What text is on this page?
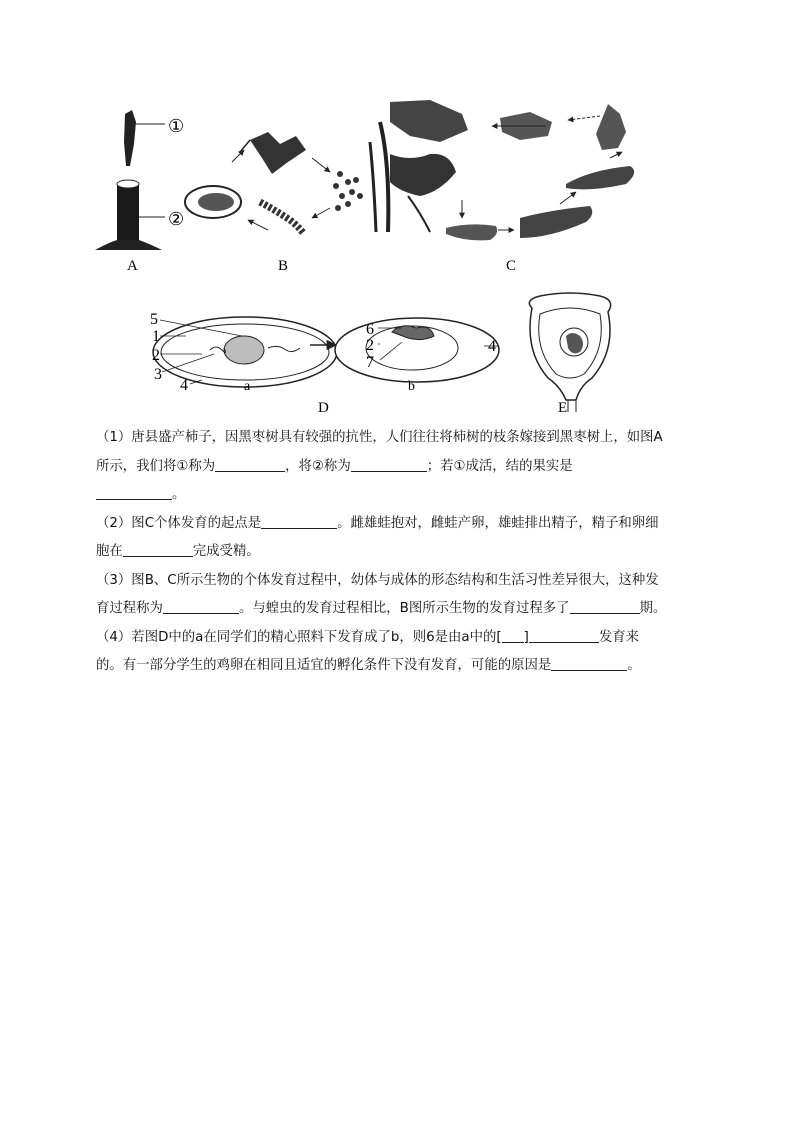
①
②
A	B	C
5
1
2
3
4	a
6
2
7
4
b
D	E

（1）唐县盛产柿子，因黑枣树具有较强的抗性，人们往往将柿树的枝条嫁接到黑枣树上，如图A
所示，我们将①称为	，将②称为	；若①成活，结的果实是
。

（2）图C个体发育的起点是	。雌雄蛙抱对，雌蛙产卵，雄蛙排出精子，精子和卵细
胞在	完成受精。

（3）图B、C所示生物的个体发育过程中，幼体与成体的形态结构和生活习性差异很大，这种发
育过程称为	。与蝗虫的发育过程相比，B图所示生物的发育过程多了	期。

（4）若图D中的a在同学们的精心照料下发育成了b，则6是由a中的[ ]	发育来
的。有一部分学生的鸡卵在相同且适宜的孵化条件下没有发育，可能的原因是	。
